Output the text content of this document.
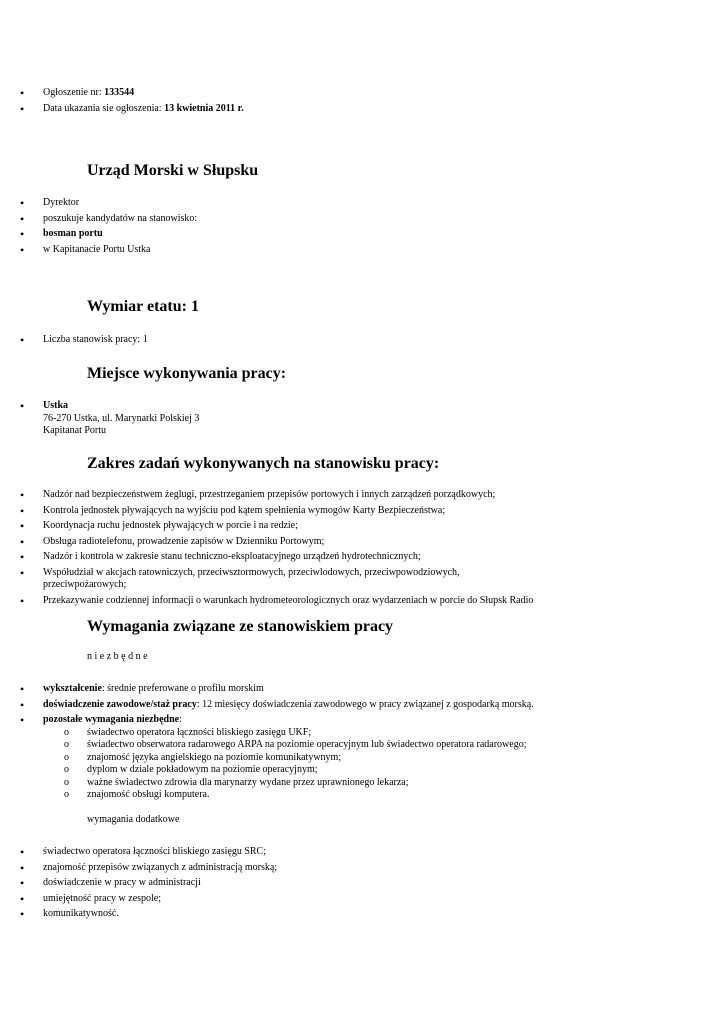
• Ogłoszenie nr: 133544
• Data ukazania sie ogłoszenia: 13 kwietnia 2011 r.
Urząd Morski w Słupsku
• Dyrektor
• poszukuje kandydatów na stanowisko:
• bosman portu
• w Kapitanacie Portu Ustka
Wymiar etatu: 1
• Liczba stanowisk pracy: 1
Miejsce wykonywania pracy:
• Ustka
76-270 Ustka, ul. Marynarki Polskiej 3
Kapitanat Portu
Zakres zadań wykonywanych na stanowisku pracy:
• Nadzór nad bezpieczeństwem żeglugi, przestrzeganiem przepisów portowych i innych zarządzeń porządkowych;
• Kontrola jednostek pływających na wyjściu pod kątem spełnienia wymogów Karty Bezpieczeństwa;
• Koordynacja ruchu jednostek pływających w porcie i na redzie;
• Obsługa radiotelefonu, prowadzenie zapisów w Dzienniku Portowym;
• Nadzór i kontrola w zakresie stanu techniczno-eksploatacyjnego urządzeń hydrotechnicznych;
• Współudział w akcjach ratowniczych, przeciwsztormowych, przeciwlodowych, przeciwpowodziowych, przeciwpożarowych;
• Przekazywanie codziennej informacji o warunkach hydrometeorologicznych oraz wydarzeniach w porcie do Słupsk Radio
Wymagania związane ze stanowiskiem pracy
n i e z b ę d n e
• wykształcenie: średnie preferowane o profilu morskim
• doświadczenie zawodowe/staż pracy: 12 miesięcy doświadczenia zawodowego w pracy związanej z gospodarką morską.
• pozostałe wymagania niezbędne:
o świadectwo operatora łączności bliskiego zasięgu UKF;
o świadectwo obserwatora radarowego ARPA na poziomie operacyjnym lub świadectwo operatora radarowego;
o znajomość języka angielskiego na poziomie komunikatywnym;
o dyplom w dziale pokładowym na poziomie operacyjnym;
o ważne świadectwo zdrowia dla marynarzy wydane przez uprawnionego lekarza;
o znajomość obsługi komputera.
wymagania dodatkowe
• świadectwo operatora łączności bliskiego zasięgu SRC;
• znajomość przepisów związanych z administracją morską;
• doświadczenie w pracy w administracji
• umiejętność pracy w zespole;
• komunikatywność.
